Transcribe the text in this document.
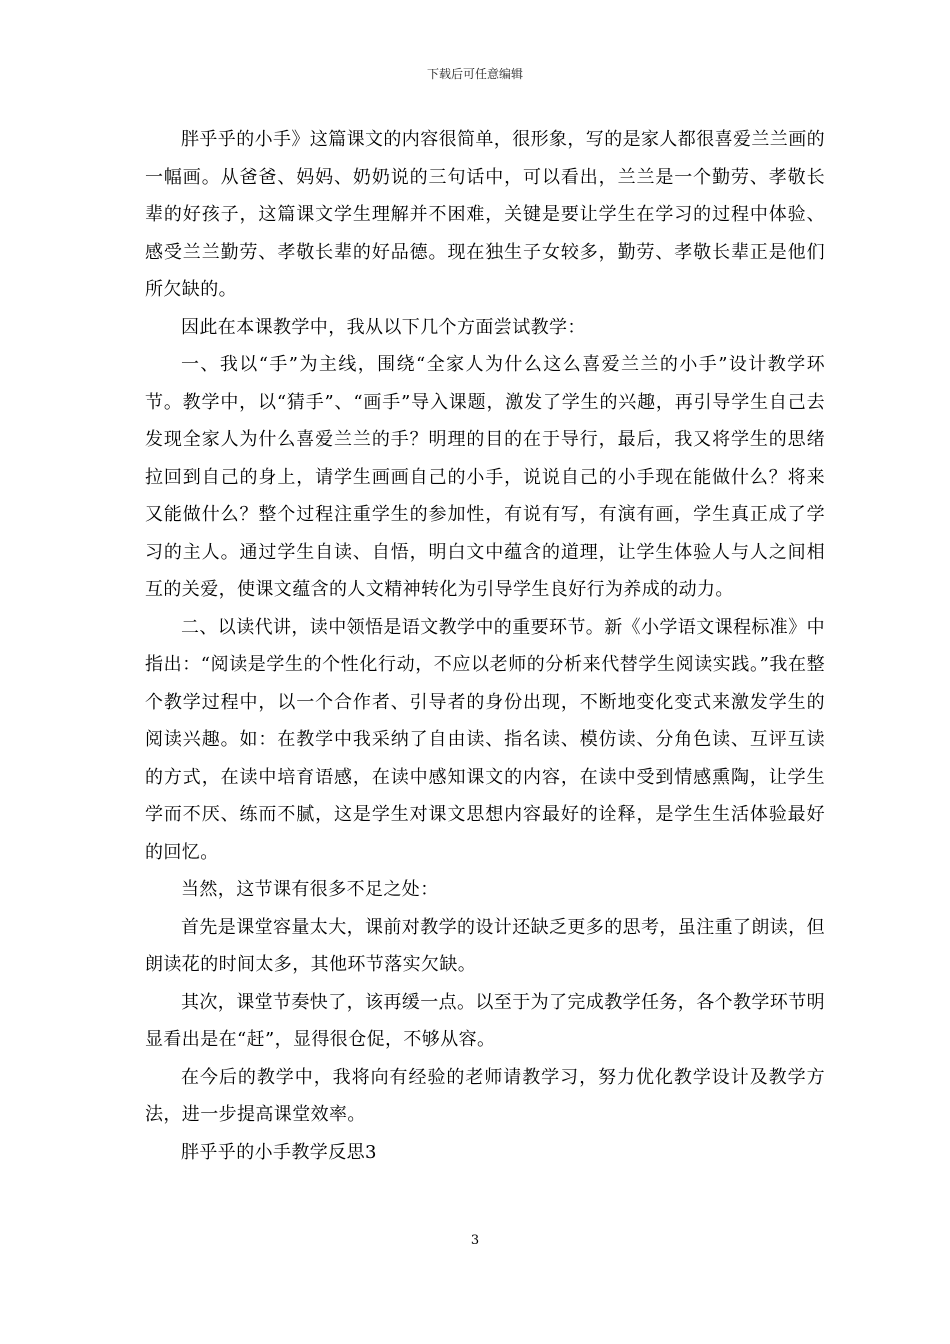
下载后可任意编辑

胖乎乎的小手》这篇课文的内容很简单，很形象，写的是家人都很喜爱兰兰画的一幅画。从爸爸、妈妈、奶奶说的三句话中，可以看出，兰兰是一个勤劳、孝敬长辈的好孩子，这篇课文学生理解并不困难，关键是要让学生在学习的过程中体验、感受兰兰勤劳、孝敬长辈的好品德。现在独生子女较多，勤劳、孝敬长辈正是他们所欠缺的。

因此在本课教学中，我从以下几个方面尝试教学：

一、我以“手”为主线，围绕“全家人为什么这么喜爱兰兰的小手”设计教学环节。教学中，以“猜手”、“画手”导入课题，激发了学生的兴趣，再引导学生自己去发现全家人为什么喜爱兰兰的手？明理的目的在于导行，最后，我又将学生的思绪拉回到自己的身上，请学生画画自己的小手，说说自己的小手现在能做什么？将来又能做什么？整个过程注重学生的参加性，有说有写，有演有画，学生真正成了学习的主人。通过学生自读、自悟，明白文中蕴含的道理，让学生体验人与人之间相互的关爱，使课文蕴含的人文精神转化为引导学生良好行为养成的动力。

二、以读代讲，读中领悟是语文教学中的重要环节。新《小学语文课程标准》中指出：“阅读是学生的个性化行动，不应以老师的分析来代替学生阅读实践。”我在整个教学过程中，以一个合作者、引导者的身份出现，不断地变化变式来激发学生的阅读兴趣。如：在教学中我采纳了自由读、指名读、模仿读、分角色读、互评互读的方式，在读中培育语感，在读中感知课文的内容，在读中受到情感熏陶，让学生学而不厌、练而不腻，这是学生对课文思想内容最好的诠释，是学生生活体验最好的回忆。

当然，这节课有很多不足之处：

首先是课堂容量太大，课前对教学的设计还缺乏更多的思考，虽注重了朗读，但朗读花的时间太多，其他环节落实欠缺。

其次，课堂节奏快了，该再缓一点。以至于为了完成教学任务，各个教学环节明显看出是在“赶”，显得很仓促，不够从容。

在今后的教学中，我将向有经验的老师请教学习，努力优化教学设计及教学方法，进一步提高课堂效率。

胖乎乎的小手教学反思3

3
